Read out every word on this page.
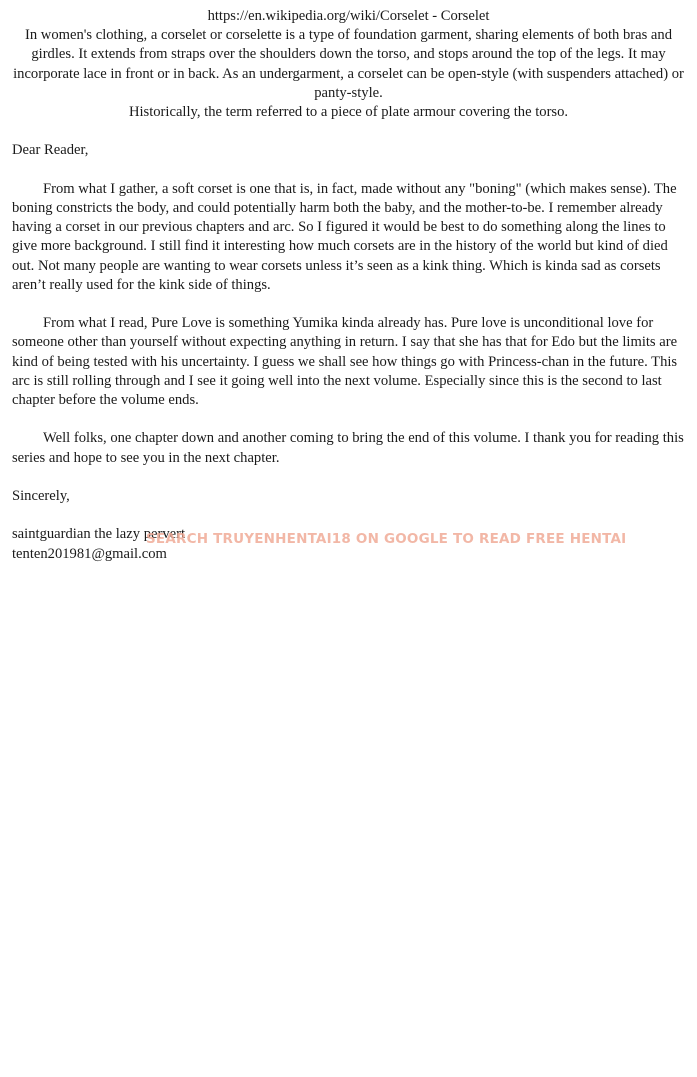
https://en.wikipedia.org/wiki/Corselet - Corselet

In women's clothing, a corselet or corselette is a type of foundation garment, sharing elements of both bras and girdles. It extends from straps over the shoulders down the torso, and stops around the top of the legs. It may incorporate lace in front or in back. As an undergarment, a corselet can be open-style (with suspenders attached) or panty-style.

Historically, the term referred to a piece of plate armour covering the torso.

Dear Reader,

From what I gather, a soft corset is one that is, in fact, made without any "boning" (which makes sense). The boning constricts the body, and could potentially harm both the baby, and the mother-to-be. I remember already having a corset in our previous chapters and arc. So I figured it would be best to do something along the lines to give more background. I still find it interesting how much corsets are in the history of the world but kind of died out. Not many people are wanting to wear corsets unless it’s seen as a kink thing. Which is kinda sad as corsets aren’t really used for the kink side of things.

From what I read, Pure Love is something Yumika kinda already has. Pure love is unconditional love for someone other than yourself without expecting anything in return. I say that she has that for Edo but the limits are kind of being tested with his uncertainty. I guess we shall see how things go with Princess-chan in the future. This arc is still rolling through and I see it going well into the next volume. Especially since this is the second to last chapter before the volume ends.

Well folks, one chapter down and another coming to bring the end of this volume. I thank you for reading this series and hope to see you in the next chapter.

Sincerely,

saintguardian the lazy pervert

tenten201981@gmail.com

SEARCH TRUYENHENTAI18 ON GOOGLE TO READ FREE HENTAI
